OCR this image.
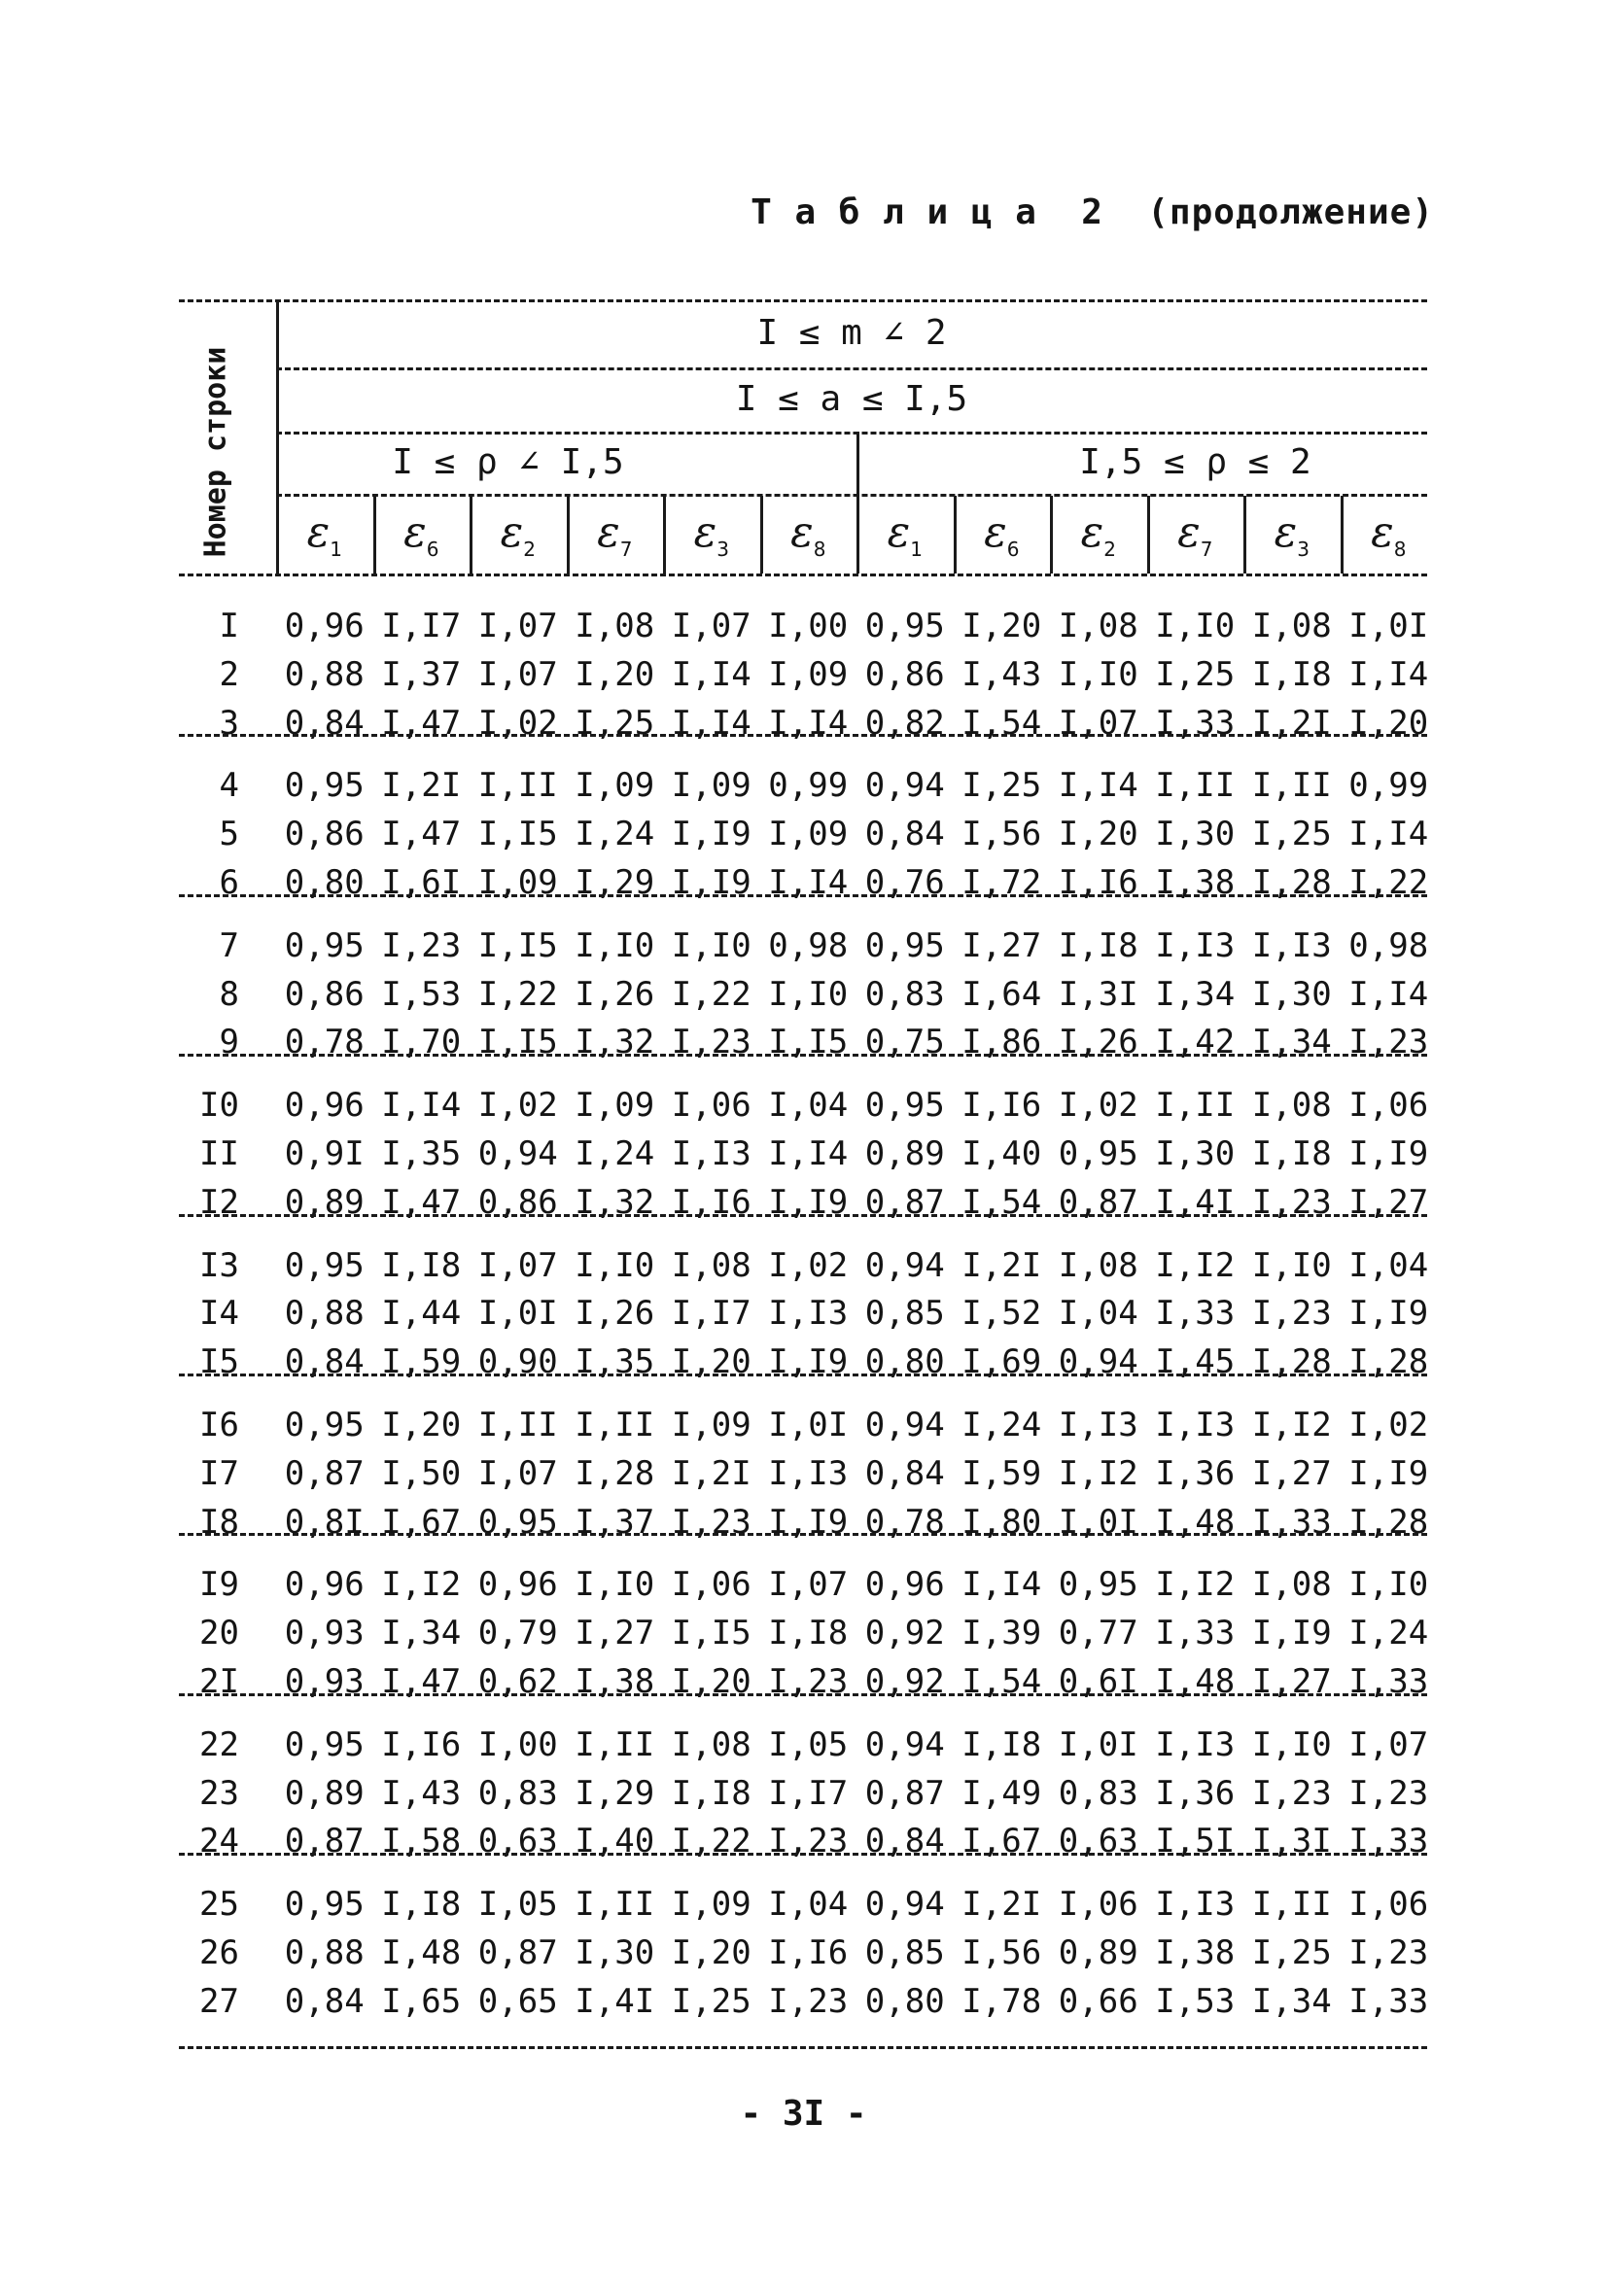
Т а б л и ц а  2  (продолжение)
- 3I -
Номер строки
I ≤ m ∠ 2
I ≤ a ≤ I,5
I ≤ ρ ∠ I,5	I,5 ≤ ρ ≤ 2
$\varepsilon_1$	$\varepsilon_6$	$\varepsilon_2$	$\varepsilon_7$	$\varepsilon_3$	$\varepsilon_8$	$\varepsilon_1$	$\varepsilon_6$	$\varepsilon_2$	$\varepsilon_7$	$\varepsilon_3$	$\varepsilon_8$
I 0,96 I,I7 I,07 I,08 I,07 I,00 0,95 I,20 I,08 I,I0 I,08 I,0I
2 0,88 I,37 I,07 I,20 I,I4 I,09 0,86 I,43 I,I0 I,25 I,I8 I,I4
3 0,84 I,47 I,02 I,25 I,I4 I,I4 0,82 I,54 I,07 I,33 I,2I I,20
4 0,95 I,2I I,II I,09 I,09 0,99 0,94 I,25 I,I4 I,II I,II 0,99
5 0,86 I,47 I,I5 I,24 I,I9 I,09 0,84 I,56 I,20 I,30 I,25 I,I4
6 0,80 I,6I I,09 I,29 I,I9 I,I4 0,76 I,72 I,I6 I,38 I,28 I,22
7 0,95 I,23 I,I5 I,I0 I,I0 0,98 0,95 I,27 I,I8 I,I3 I,I3 0,98
8 0,86 I,53 I,22 I,26 I,22 I,I0 0,83 I,64 I,3I I,34 I,30 I,I4
9 0,78 I,70 I,I5 I,32 I,23 I,I5 0,75 I,86 I,26 I,42 I,34 I,23
I0 0,96 I,I4 I,02 I,09 I,06 I,04 0,95 I,I6 I,02 I,II I,08 I,06
II 0,9I I,35 0,94 I,24 I,I3 I,I4 0,89 I,40 0,95 I,30 I,I8 I,I9
I2 0,89 I,47 0,86 I,32 I,I6 I,I9 0,87 I,54 0,87 I,4I I,23 I,27
I3 0,95 I,I8 I,07 I,I0 I,08 I,02 0,94 I,2I I,08 I,I2 I,I0 I,04
I4 0,88 I,44 I,0I I,26 I,I7 I,I3 0,85 I,52 I,04 I,33 I,23 I,I9
I5 0,84 I,59 0,90 I,35 I,20 I,I9 0,80 I,69 0,94 I,45 I,28 I,28
I6 0,95 I,20 I,II I,II I,09 I,0I 0,94 I,24 I,I3 I,I3 I,I2 I,02
I7 0,87 I,50 I,07 I,28 I,2I I,I3 0,84 I,59 I,I2 I,36 I,27 I,I9
I8 0,8I I,67 0,95 I,37 I,23 I,I9 0,78 I,80 I,0I I,48 I,33 I,28
I9 0,96 I,I2 0,96 I,I0 I,06 I,07 0,96 I,I4 0,95 I,I2 I,08 I,I0
20 0,93 I,34 0,79 I,27 I,I5 I,I8 0,92 I,39 0,77 I,33 I,I9 I,24
2I 0,93 I,47 0,62 I,38 I,20 I,23 0,92 I,54 0,6I I,48 I,27 I,33
22 0,95 I,I6 I,00 I,II I,08 I,05 0,94 I,I8 I,0I I,I3 I,I0 I,07
23 0,89 I,43 0,83 I,29 I,I8 I,I7 0,87 I,49 0,83 I,36 I,23 I,23
24 0,87 I,58 0,63 I,40 I,22 I,23 0,84 I,67 0,63 I,5I I,3I I,33
25 0,95 I,I8 I,05 I,II I,09 I,04 0,94 I,2I I,06 I,I3 I,II I,06
26 0,88 I,48 0,87 I,30 I,20 I,I6 0,85 I,56 0,89 I,38 I,25 I,23
27 0,84 I,65 0,65 I,4I I,25 I,23 0,80 I,78 0,66 I,53 I,34 I,33
